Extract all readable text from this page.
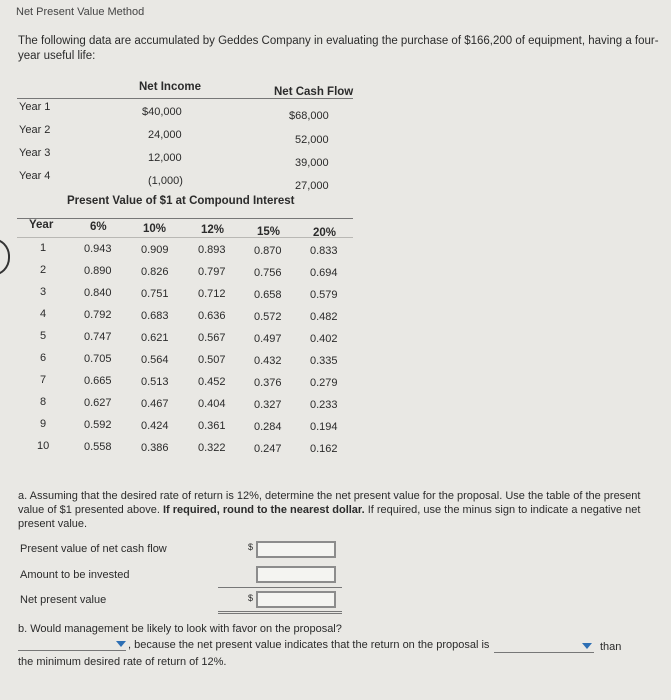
Net Present Value Method
The following data are accumulated by Geddes Company in evaluating the purchase of $166,200 of equipment, having a four-year useful life:
Net Income	Net Cash Flow
Year 1	$40,000	$68,000
Year 2	24,000	52,000
Year 3	12,000	39,000
Year 4	(1,000)	27,000
Present Value of $1 at Compound Interest
Year	6%	10%	12%	15%	20%
1	0.943	0.909	0.893	0.870	0.833
2	0.890	0.826	0.797	0.756	0.694
3	0.840	0.751	0.712	0.658	0.579
4	0.792	0.683	0.636	0.572	0.482
5	0.747	0.621	0.567	0.497	0.402
6	0.705	0.564	0.507	0.432	0.335
7	0.665	0.513	0.452	0.376	0.279
8	0.627	0.467	0.404	0.327	0.233
9	0.592	0.424	0.361	0.284	0.194
10	0.558	0.386	0.322	0.247	0.162
a. Assuming that the desired rate of return is 12%, determine the net present value for the proposal. Use the table of the present value of $1 presented above. If required, round to the nearest dollar. If required, use the minus sign to indicate a negative net present value.
Present value of net cash flow	$
Amount to be invested
Net present value	$
b. Would management be likely to look with favor on the proposal?
, because the net present value indicates that the return on the proposal is	than
the minimum desired rate of return of 12%.
